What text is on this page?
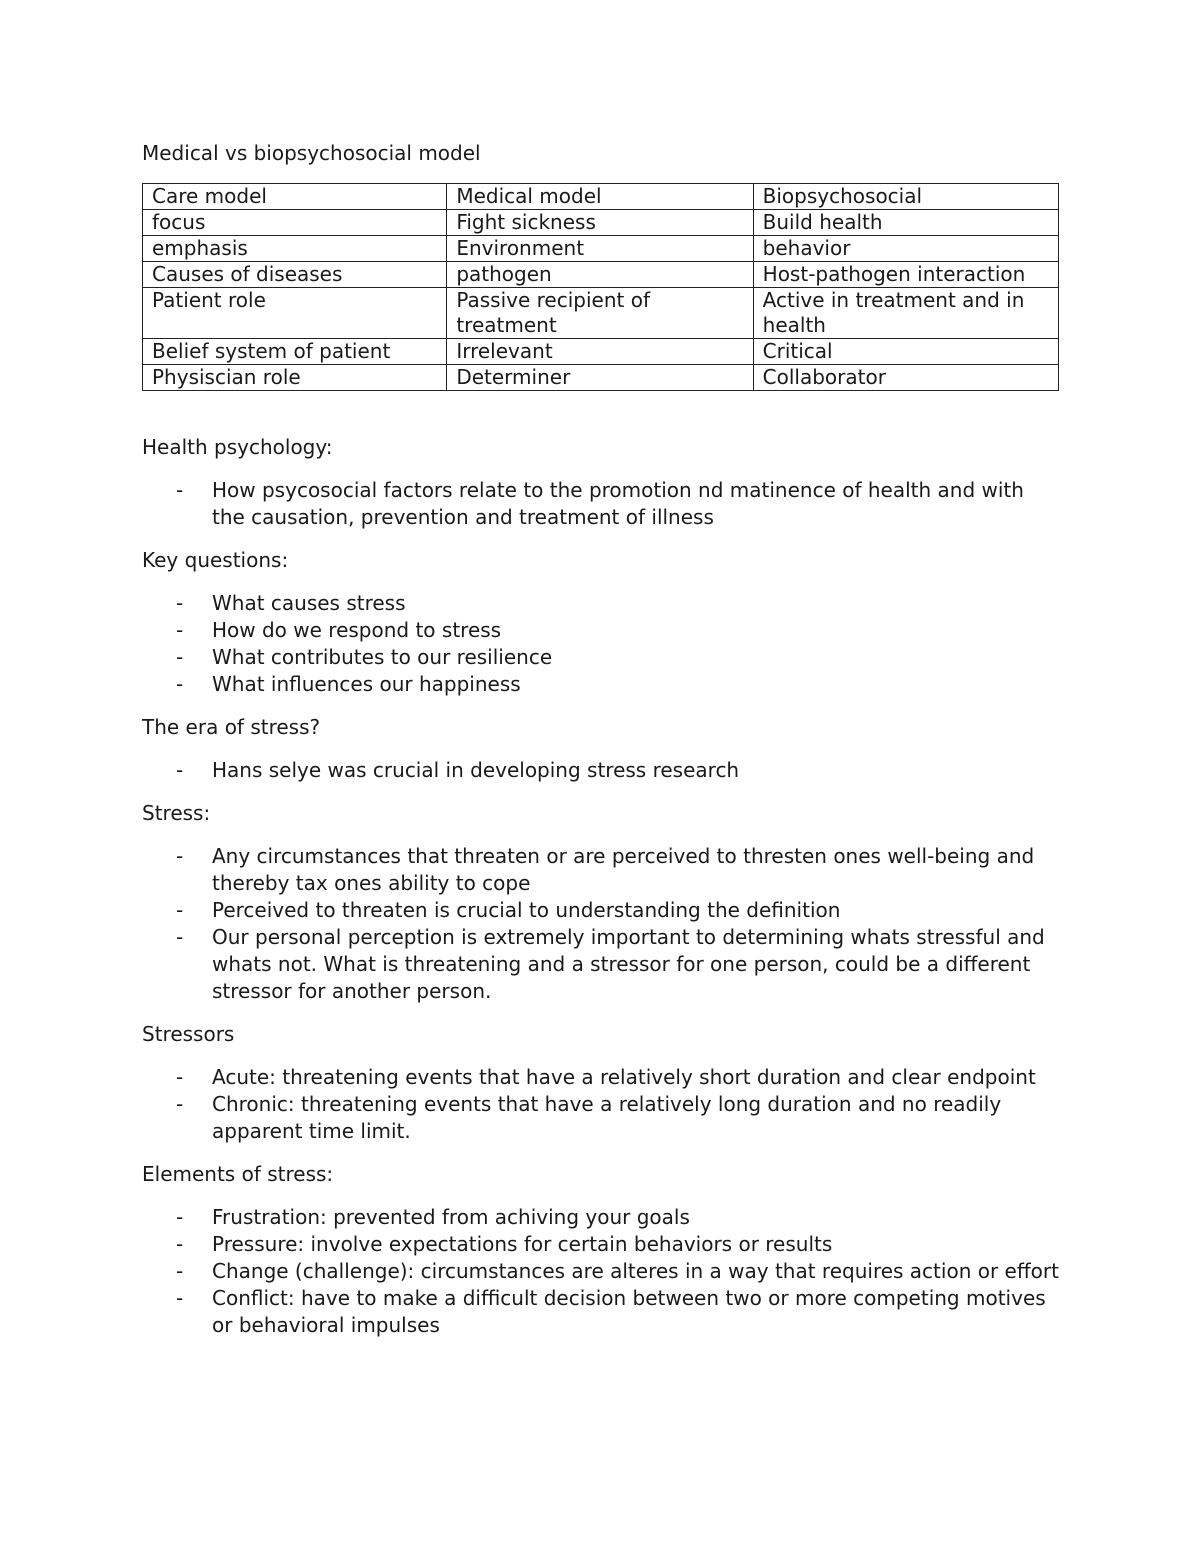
Medical vs biopsychosocial model
Care model	Medical model	Biopsychosocial
focus	Fight sickness	Build health
emphasis	Environment	behavior
Causes of diseases	pathogen	Host-pathogen interaction
Patient role	Passive recipient of treatment	Active in treatment and in health
Belief system of patient	Irrelevant	Critical
Physiscian role	Determiner	Collaborator
Health psychology:
- How psycosocial factors relate to the promotion nd matinence of health and with the causation, prevention and treatment of illness
Key questions:
- What causes stress
- How do we respond to stress
- What contributes to our resilience
- What influences our happiness
The era of stress?
- Hans selye was crucial in developing stress research
Stress:
- Any circumstances that threaten or are perceived to thresten ones well-being and thereby tax ones ability to cope
- Perceived to threaten is crucial to understanding the definition
- Our personal perception is extremely important to determining whats stressful and whats not. What is threatening and a stressor for one person, could be a different stressor for another person.
Stressors
- Acute: threatening events that have a relatively short duration and clear endpoint
- Chronic: threatening events that have a relatively long duration and no readily apparent time limit.
Elements of stress:
- Frustration: prevented from achiving your goals
- Pressure: involve expectations for certain behaviors or results
- Change (challenge): circumstances are alteres in a way that requires action or effort
- Conflict: have to make a difficult decision between two or more competing motives or behavioral impulses
